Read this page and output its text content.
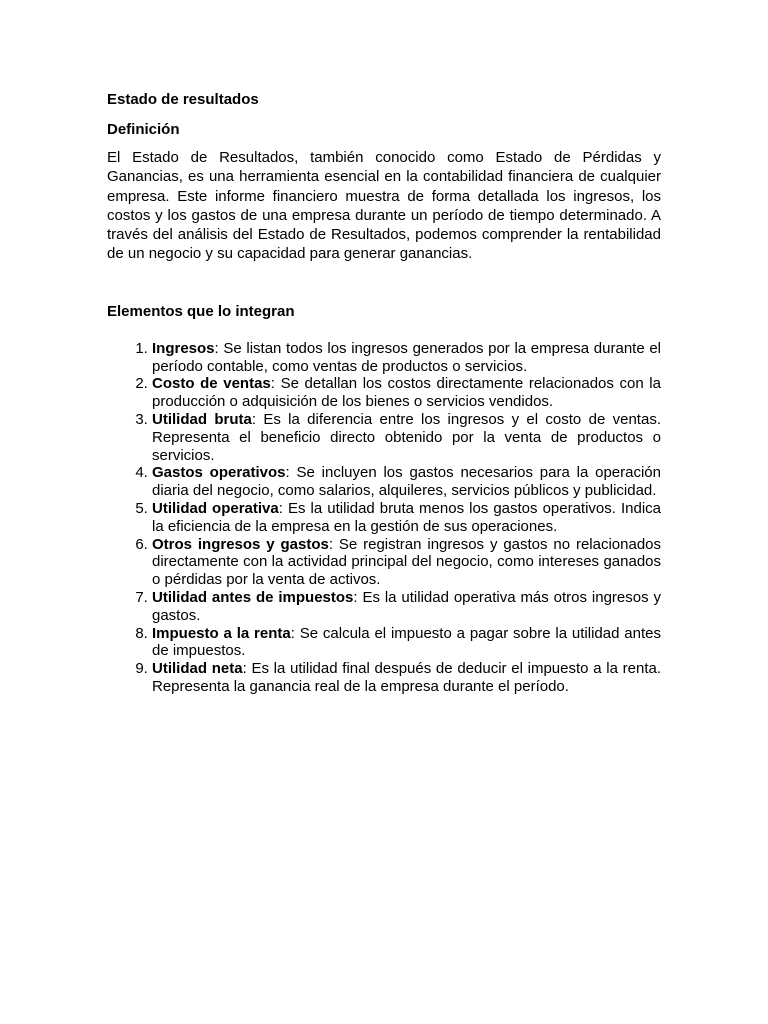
Estado de resultados
Definición

El Estado de Resultados, también conocido como Estado de Pérdidas y Ganancias, es una herramienta esencial en la contabilidad financiera de cualquier empresa. Este informe financiero muestra de forma detallada los ingresos, los costos y los gastos de una empresa durante un período de tiempo determinado. A través del análisis del Estado de Resultados, podemos comprender la rentabilidad de un negocio y su capacidad para generar ganancias.

Elementos que lo integran
1. Ingresos: Se listan todos los ingresos generados por la empresa durante el período contable, como ventas de productos o servicios.
2. Costo de ventas: Se detallan los costos directamente relacionados con la producción o adquisición de los bienes o servicios vendidos.
3. Utilidad bruta: Es la diferencia entre los ingresos y el costo de ventas. Representa el beneficio directo obtenido por la venta de productos o servicios.
4. Gastos operativos: Se incluyen los gastos necesarios para la operación diaria del negocio, como salarios, alquileres, servicios públicos y publicidad.
5. Utilidad operativa: Es la utilidad bruta menos los gastos operativos. Indica la eficiencia de la empresa en la gestión de sus operaciones.
6. Otros ingresos y gastos: Se registran ingresos y gastos no relacionados directamente con la actividad principal del negocio, como intereses ganados o pérdidas por la venta de activos.
7. Utilidad antes de impuestos: Es la utilidad operativa más otros ingresos y gastos.
8. Impuesto a la renta: Se calcula el impuesto a pagar sobre la utilidad antes de impuestos.
9. Utilidad neta: Es la utilidad final después de deducir el impuesto a la renta. Representa la ganancia real de la empresa durante el período.
